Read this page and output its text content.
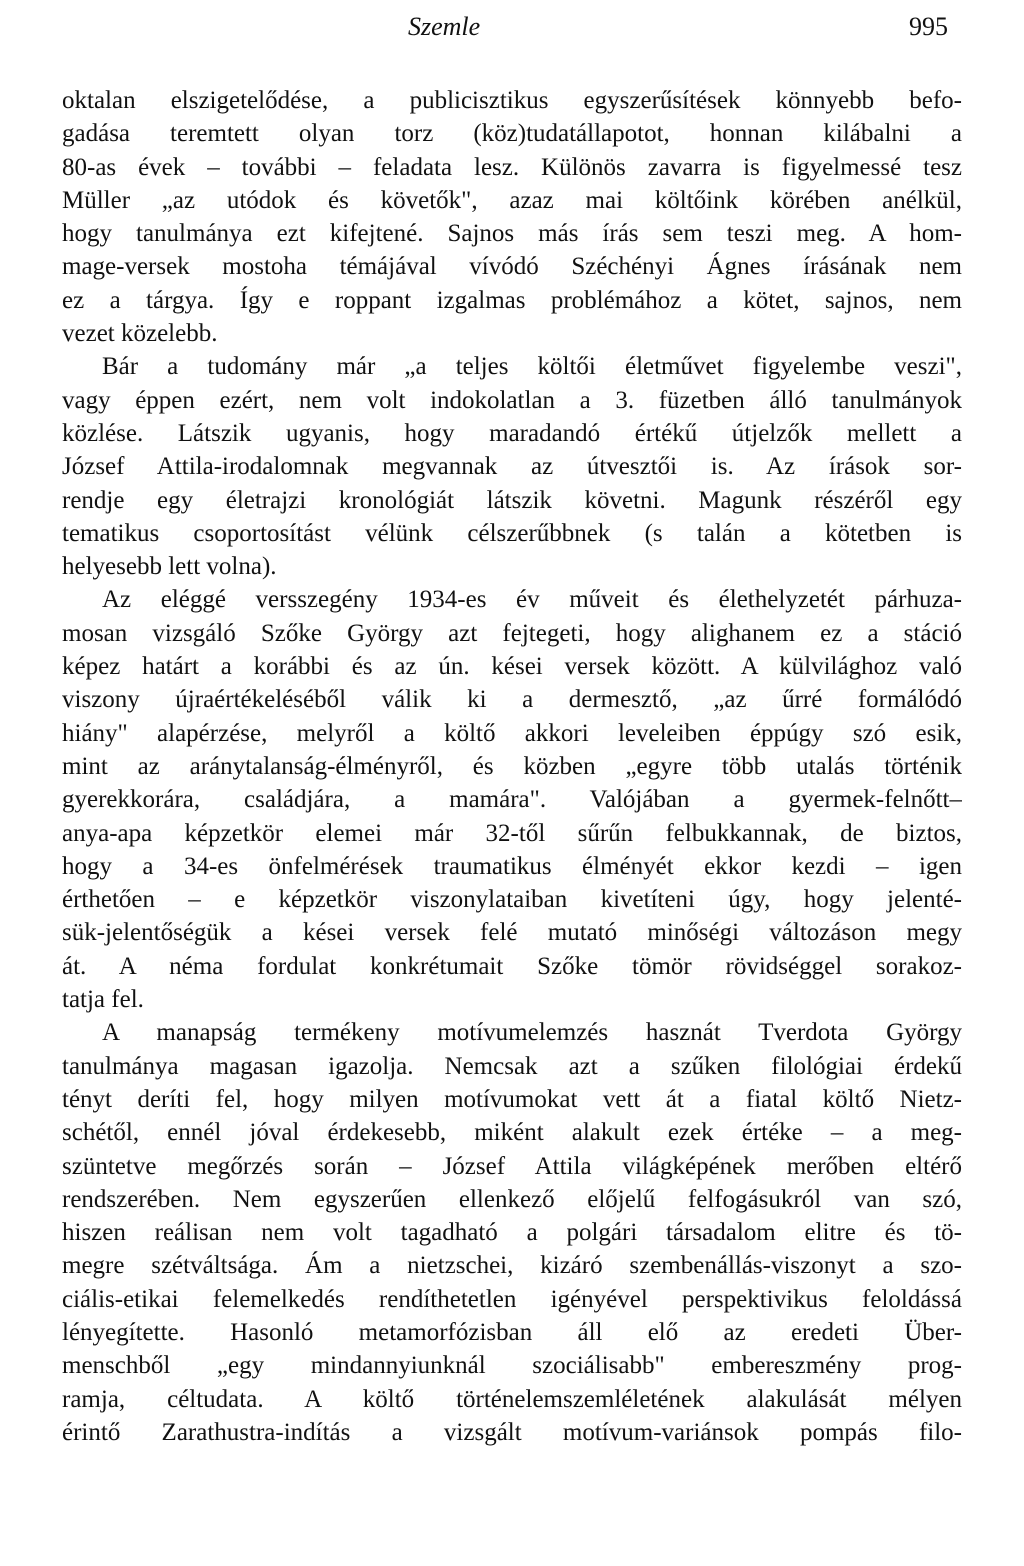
Szemle	995
oktalan elszigetelődése, a publicisztikus egyszerűsítések könnyebb befo-
gadása teremtett olyan torz (köz)tudatállapotot, honnan kilábalni a
80-as évek – további – feladata lesz. Különös zavarra is figyelmessé tesz
Müller „az utódok és követők", azaz mai költőink körében anélkül,
hogy tanulmánya ezt kifejtené. Sajnos más írás sem teszi meg. A hom-
mage-versek mostoha témájával vívódó Széchényi Ágnes írásának nem
ez a tárgya. Így e roppant izgalmas problémához a kötet, sajnos, nem
vezet közelebb.
Bár a tudomány már „a teljes költői életművet figyelembe veszi",
vagy éppen ezért, nem volt indokolatlan a 3. füzetben álló tanulmányok
közlése. Látszik ugyanis, hogy maradandó értékű útjelzők mellett a
József Attila-irodalomnak megvannak az útvesztői is. Az írások sor-
rendje egy életrajzi kronológiát látszik követni. Magunk részéről egy
tematikus csoportosítást vélünk célszerűbbnek (s talán a kötetben is
helyesebb lett volna).
Az eléggé versszegény 1934-es év műveit és élethelyzetét párhuza-
mosan vizsgáló Szőke György azt fejtegeti, hogy alighanem ez a stáció
képez határt a korábbi és az ún. kései versek között. A külvilághoz való
viszony újraértékeléséből válik ki a dermesztő, „az űrré formálódó
hiány" alapérzése, melyről a költő akkori leveleiben éppúgy szó esik,
mint az aránytalanság-élményről, és közben „egyre több utalás történik
gyerekkorára, családjára, a mamára". Valójában a gyermek-felnőtt–
anya-apa képzetkör elemei már 32-től sűrűn felbukkannak, de biztos,
hogy a 34-es önfelmérések traumatikus élményét ekkor kezdi – igen
érthetően – e képzetkör viszonylataiban kivetíteni úgy, hogy jelenté-
sük-jelentőségük a kései versek felé mutató minőségi változáson megy
át. A néma fordulat konkrétumait Szőke tömör rövidséggel sorakoz-
tatja fel.
A manapság termékeny motívumelemzés hasznát Tverdota György
tanulmánya magasan igazolja. Nemcsak azt a szűken filológiai érdekű
tényt deríti fel, hogy milyen motívumokat vett át a fiatal költő Nietz-
schétől, ennél jóval érdekesebb, miként alakult ezek értéke – a meg-
szüntetve megőrzés során – József Attila világképének merőben eltérő
rendszerében. Nem egyszerűen ellenkező előjelű felfogásukról van szó,
hiszen reálisan nem volt tagadható a polgári társadalom elitre és tö-
megre szétváltsága. Ám a nietzschei, kizáró szembenállás-viszonyt a szo-
ciális-etikai felemelkedés rendíthetetlen igényével perspektivikus feloldássá
lényegítette. Hasonló metamorfózisban áll elő az eredeti Über-
menschből „egy mindannyiunknál szociálisabb" embereszmény prog-
ramja, céltudata. A költő történelemszemléletének alakulását mélyen
érintő Zarathustra-indítás a vizsgált motívum-variánsok pompás filo-
